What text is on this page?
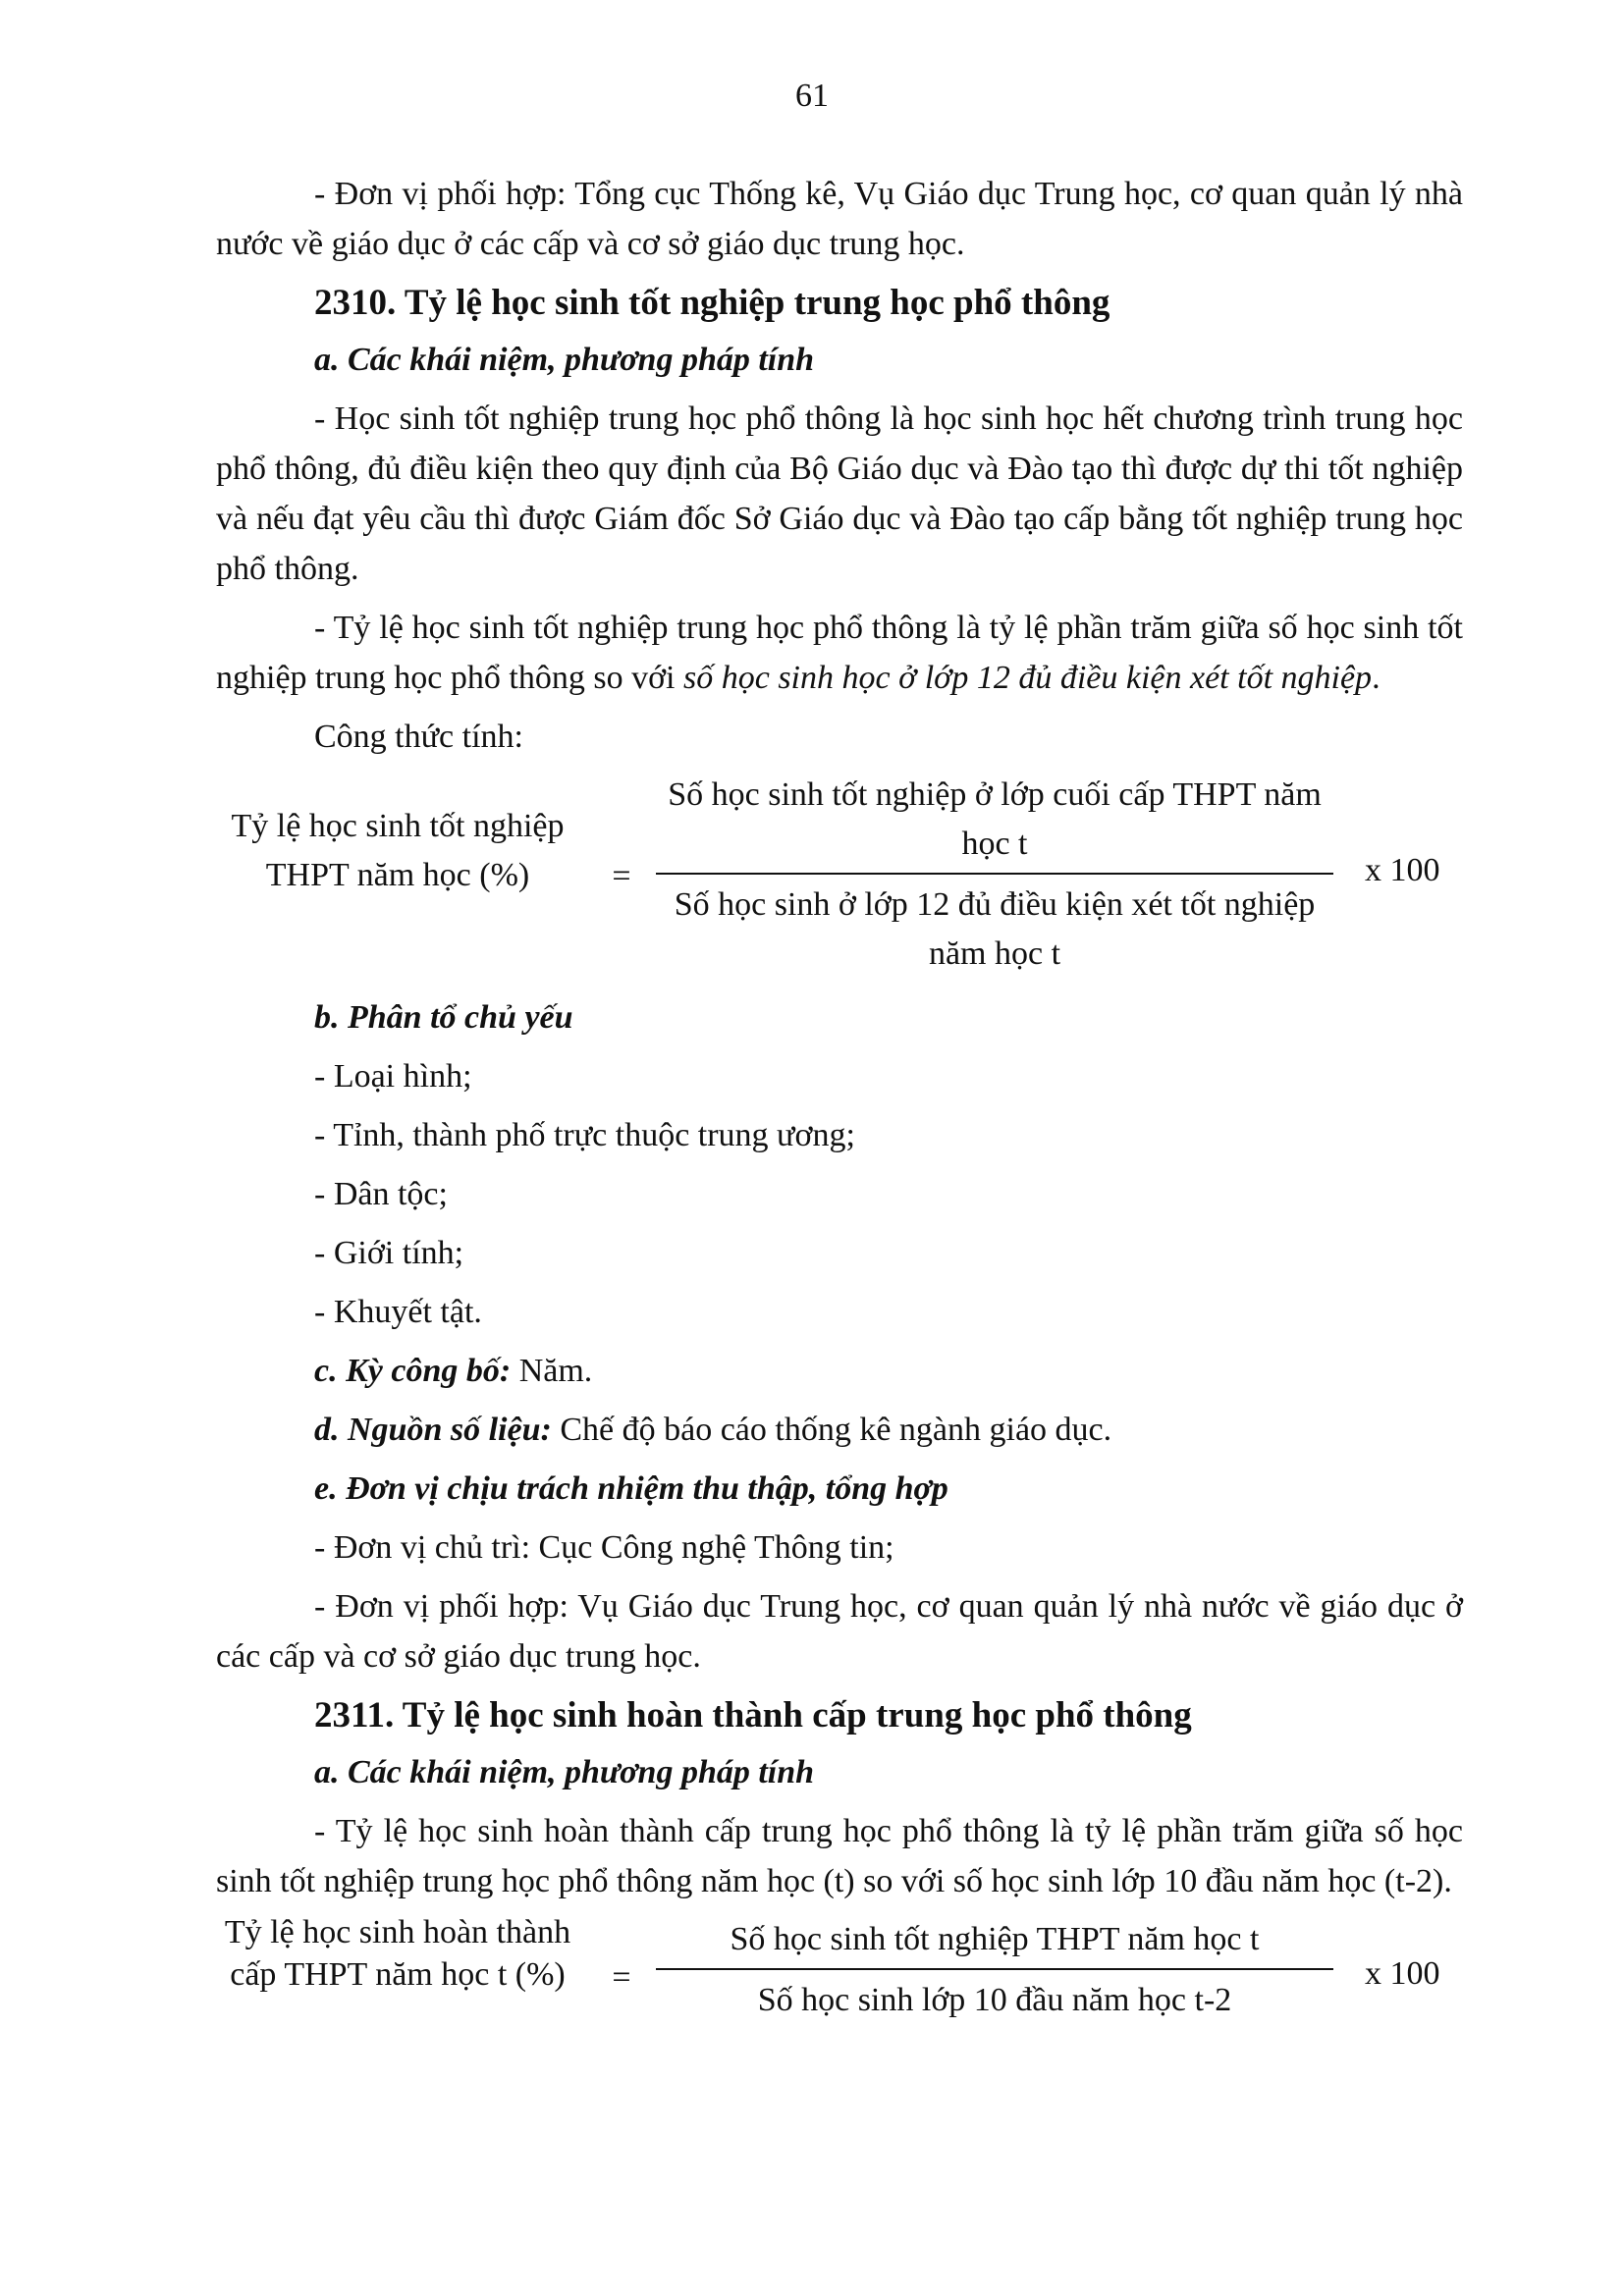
61

- Đơn vị phối hợp: Tổng cục Thống kê, Vụ Giáo dục Trung học, cơ quan quản lý nhà nước về giáo dục ở các cấp và cơ sở giáo dục trung học.

2310. Tỷ lệ học sinh tốt nghiệp trung học phổ thông

a. Các khái niệm, phương pháp tính

- Học sinh tốt nghiệp trung học phổ thông là học sinh học hết chương trình trung học phổ thông, đủ điều kiện theo quy định của Bộ Giáo dục và Đào tạo thì được dự thi tốt nghiệp và nếu đạt yêu cầu thì được Giám đốc Sở Giáo dục và Đào tạo cấp bằng tốt nghiệp trung học phổ thông.

- Tỷ lệ học sinh tốt nghiệp trung học phổ thông là tỷ lệ phần trăm giữa số học sinh tốt nghiệp trung học phổ thông so với số học sinh học ở lớp 12 đủ điều kiện xét tốt nghiệp.

Công thức tính:

Tỷ lệ học sinh tốt nghiệp THPT năm học (%)	=
Số học sinh tốt nghiệp ở lớp cuối cấp THPT năm học t
Số học sinh ở lớp 12 đủ điều kiện xét tốt nghiệp năm học t
x 100

b. Phân tổ chủ yếu

- Loại hình;

- Tỉnh, thành phố trực thuộc trung ương;

- Dân tộc;

- Giới tính;

- Khuyết tật.

c. Kỳ công bố: Năm.

d. Nguồn số liệu: Chế độ báo cáo thống kê ngành giáo dục.

e. Đơn vị chịu trách nhiệm thu thập, tổng hợp

- Đơn vị chủ trì: Cục Công nghệ Thông tin;

- Đơn vị phối hợp: Vụ Giáo dục Trung học, cơ quan quản lý nhà nước về giáo dục ở các cấp và cơ sở giáo dục trung học.

2311. Tỷ lệ học sinh hoàn thành cấp trung học phổ thông

a. Các khái niệm, phương pháp tính

- Tỷ lệ học sinh hoàn thành cấp trung học phổ thông là tỷ lệ phần trăm giữa số học sinh tốt nghiệp trung học phổ thông năm học (t) so với số học sinh lớp 10 đầu năm học (t-2).

Tỷ lệ học sinh hoàn thành cấp THPT năm học t (%)	=
Số học sinh tốt nghiệp THPT năm học t
Số học sinh lớp 10 đầu năm học t-2
x 100
